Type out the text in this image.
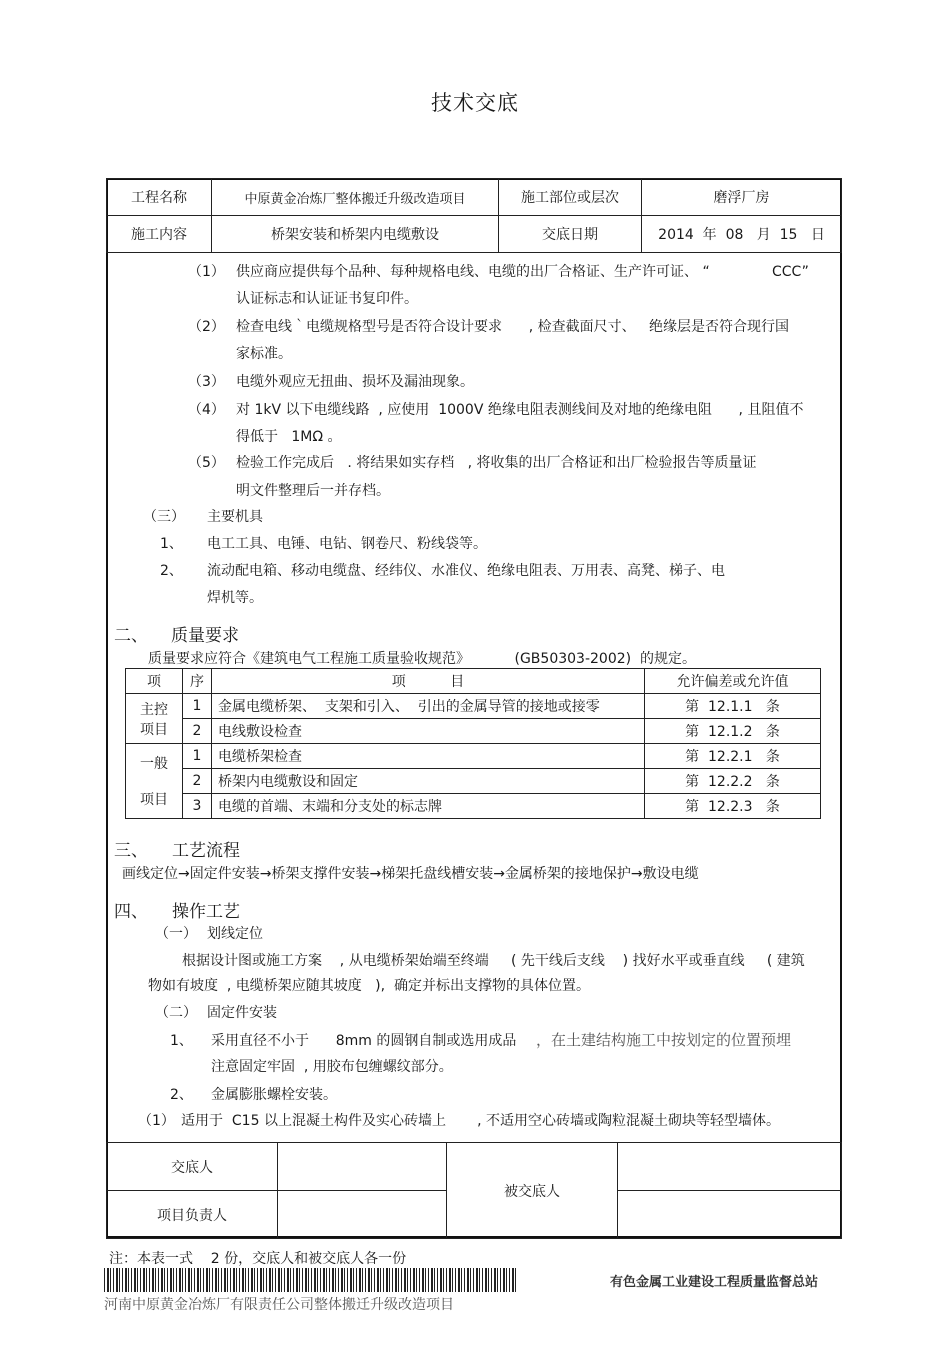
技术交底
工程名称	中原黄金冶炼厂整体搬迁升级改造项目	施工部位或层次	磨浮厂房
施工内容	桥架安装和桥架内电缆敷设	交底日期	2014  年  08   月  15   日
（1） 供应商应提供每个品种、每种规格电线、电缆的出厂合格证、生产许可证、 “              CCC”
认证标志和认证证书复印件。
（2） 检查电线｀电缆规格型号是否符合设计要求      , 检查截面尺寸、   绝缘层是否符合现行国
家标准。
（3） 电缆外观应无扭曲、损坏及漏油现象。
（4） 对 1kV 以下电缆线路  , 应使用  1000V 绝缘电阻表测线间及对地的绝缘电阻      , 且阻值不
得低于   1MΩ 。
（5） 检验工作完成后   . 将结果如实存档   , 将收集的出厂合格证和出厂检验报告等质量证
明文件整理后一并存档。
（三） 主要机具
1、 电工工具、电锤、电钻、钢卷尺、粉线袋等。
2、 流动配电箱、移动电缆盘、经纬仪、水准仪、绝缘电阻表、万用表、高凳、梯子、电
焊机等。
二、 质量要求
质量要求应符合《建筑电气工程施工质量验收规范》          (GB50303-2002)  的规定。
项	序	项          目	允许偏差或允许值
主控
项目	1	金属电缆桥架、  支架和引入、  引出的金属导管的接地或接零	第  12.1.1   条
	2	电线敷设检查	第  12.1.2   条
一般

项目	1	电缆桥架检查	第  12.2.1   条
	2	桥架内电缆敷设和固定	第  12.2.2   条
	3	电缆的首端、末端和分支处的标志牌	第  12.2.3   条
三、 工艺流程
画线定位→固定件安装→桥架支撑件安装→梯架托盘线槽安装→金属桥架的接地保护→敷设电缆
四、 操作工艺
（一） 划线定位
根据设计图或施工方案    , 从电缆桥架始端至终端     ( 先干线后支线    ) 找好水平或垂直线     ( 建筑
物如有坡度  , 电缆桥架应随其坡度   ),  确定并标出支撑物的具体位置。
（二） 固定件安装
1、 采用直径不小于      8mm 的圆钢自制或选用成品 ，在土建结构施工中按划定的位置预埋
注意固定牢固  , 用胶布包缠螺纹部分。
2、 金属膨胀螺栓安装。
（1） 适用于  C15 以上混凝土构件及实心砖墙上       , 不适用空心砖墙或陶粒混凝土砌块等轻型墙体。
交底人		被交底人	
项目负责人			
注：本表一式    2 份，交底人和被交底人各一份
有色金属工业建设工程质量监督总站
河南中原黄金冶炼厂有限责任公司整体搬迁升级改造项目
